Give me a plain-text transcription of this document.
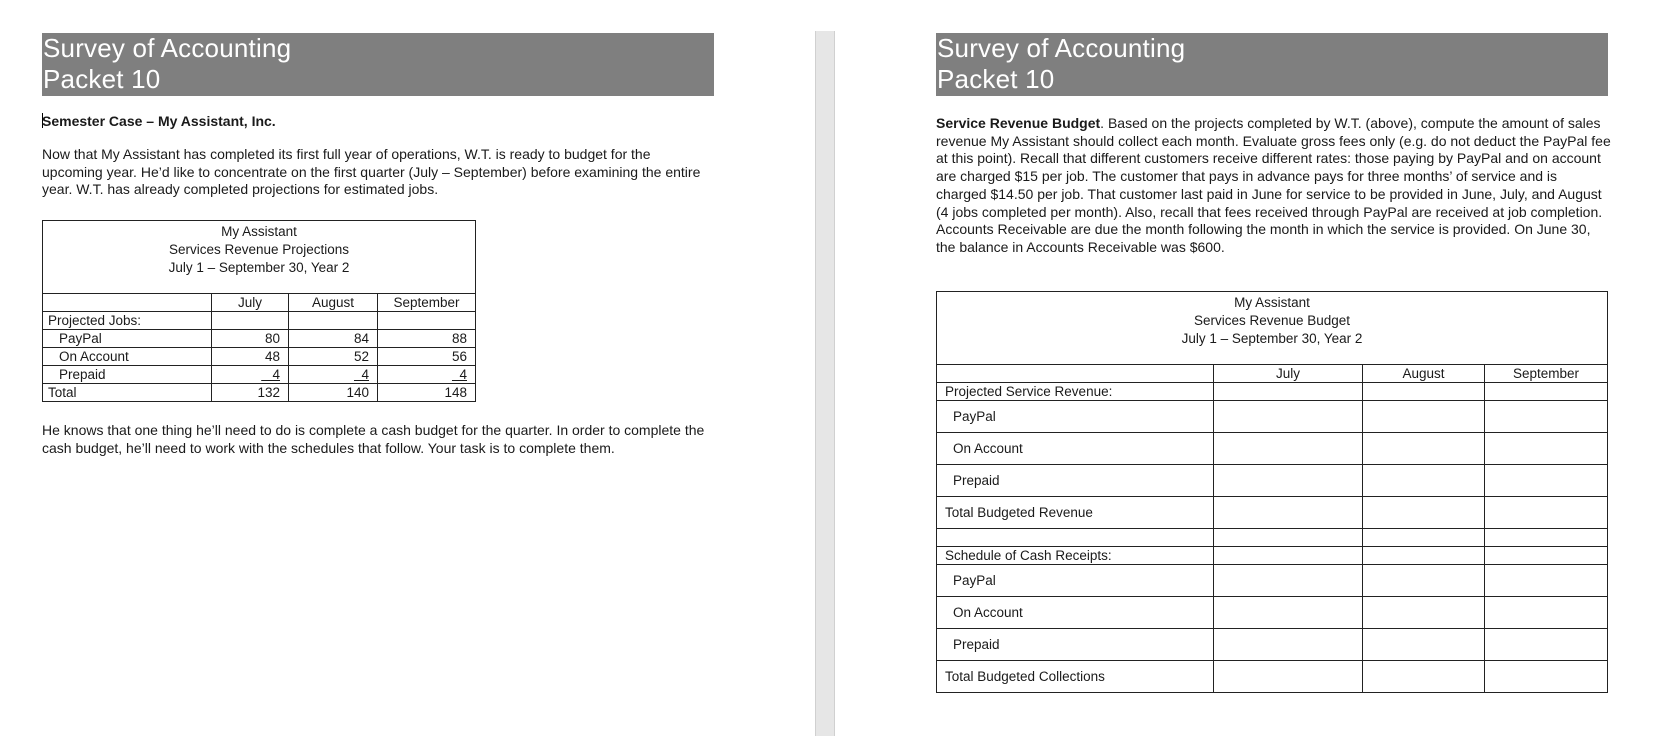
Survey of Accounting
Packet 10
Semester Case – My Assistant, Inc.
Now that My Assistant has completed its first full year of operations, W.T. is ready to budget for the upcoming year. He’d like to concentrate on the first quarter (July – September) before examining the entire year. W.T. has already completed projections for estimated jobs.
My Assistant
Services Revenue Projections
July 1 – September 30, Year 2			

	July	August	September
Projected Jobs:			
PayPal	80	84	88
On Account	48	52	56
Prepaid	4	4	4
Total	132	140	148
He knows that one thing he’ll need to do is complete a cash budget for the quarter. In order to complete the cash budget, he’ll need to work with the schedules that follow. Your task is to complete them.
Survey of Accounting
Packet 10
Service Revenue Budget. Based on the projects completed by W.T. (above), compute the amount of sales revenue My Assistant should collect each month. Evaluate gross fees only (e.g. do not deduct the PayPal fee at this point). Recall that different customers receive different rates: those paying by PayPal and on account are charged $15 per job. The customer that pays in advance pays for three months’ of service and is charged $14.50 per job. That customer last paid in June for service to be provided in June, July, and August (4 jobs completed per month). Also, recall that fees received through PayPal are received at job completion. Accounts Receivable are due the month following the month in which the service is provided. On June 30, the balance in Accounts Receivable was $600.
My Assistant
Services Revenue Budget
July 1 – September 30, Year 2			

	July	August	September
Projected Service Revenue:			
PayPal			
On Account			
Prepaid			
Total Budgeted Revenue			

Schedule of Cash Receipts:			
PayPal			
On Account			
Prepaid			
Total Budgeted Collections			
